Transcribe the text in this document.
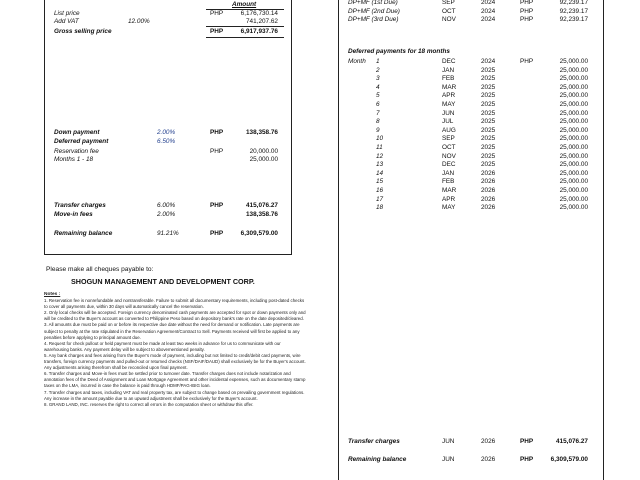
Amount
List price	PHP	6,176,730.14
Add VAT	12.00%	741,207.62
Gross selling price	PHP	6,917,937.76
Down payment	2.00%	PHP	138,358.76
Deferred payment	6.50%
Reservation fee	PHP	20,000.00
Months 1 - 18	25,000.00
Transfer charges	6.00%	PHP	415,076.27
Move-in fees	2.00%	138,358.76
Remaining balance	91.21%	PHP	6,309,579.00
Please make all cheques payable to:
SHOGUN MANAGEMENT AND DEVELOPMENT CORP.
Notes :
1. Reservation fee is nonrefundable and nontransferable. Failure to submit all documentary requirements, including post-dated checks to cover all payments due, within 30 days will automatically cancel the reservation.
2. Only local checks will be accepted. Foreign currency denominated cash payments are accepted for spot or down payments only and will be credited to the Buyer's account as converted to Philippine Peso based on depository bank's rate on the date deposited/cleared.
3. All amounts due must be paid on or before its respective due date without the need for demand or notification. Late payments are subject to penalty at the rate stipulated in the Reservation Agreement/Contract to Sell. Payments received will first be applied to any penalties before applying to principal amount due.
4. Request for check pullout or held payment must be made at least two weeks in advance for us to communicate with our warehousing banks. Any payment delay will be subject to abovementioned penalty.
5. Any bank charges and fees arising from the Buyer's mode of payment, including but not limited to credit/debit card payments, wire transfers, foreign currency payments and pulled-out or returned checks (NSF/DAIF/DAUD) shall exclusively be for the Buyer's account. Any adjustments arising therefrom shall be reconciled upon final payment.
6. Transfer charges and Move-in fees must be settled prior to turnover date. Transfer charges does not include notarization and annotation fees of the Deed of Assignment and Loan Mortgage Agreement and other incidental expenses, such as documentary stamp taxes on the LMA, incurred in case the balance is paid through HDMF/PAG-IBIG loan.
7. Transfer charges and taxes, including VAT and real property tax, are subject to change based on prevailing government regulations. Any increase in the amount payable due to an upward adjustment shall be exclusively for the Buyer's account.
8. GRAND LAND, INC. reserves the right to correct all errors in the computation sheet or withdraw this offer.
DP+MF (1st Due)	SEP	2024	PHP	92,239.17
DP+MF (2nd Due)	OCT	2024	PHP	92,239.17
DP+MF (3rd Due)	NOV	2024	PHP	92,239.17
1	DEC	2024	PHP	25,000.00
2	JAN	2025	25,000.00
3	FEB	2025	25,000.00
4	MAR	2025	25,000.00
5	APR	2025	25,000.00
6	MAY	2025	25,000.00
7	JUN	2025	25,000.00
8	JUL	2025	25,000.00
9	AUG	2025	25,000.00
10	SEP	2025	25,000.00
11	OCT	2025	25,000.00
12	NOV	2025	25,000.00
13	DEC	2025	25,000.00
14	JAN	2026	25,000.00
15	FEB	2026	25,000.00
16	MAR	2026	25,000.00
17	APR	2026	25,000.00
18	MAY	2026	25,000.00
Deferred payments for 18 months
Month
Transfer charges	JUN	2026	PHP	415,076.27
Remaining balance	JUN	2026	PHP	6,309,579.00
